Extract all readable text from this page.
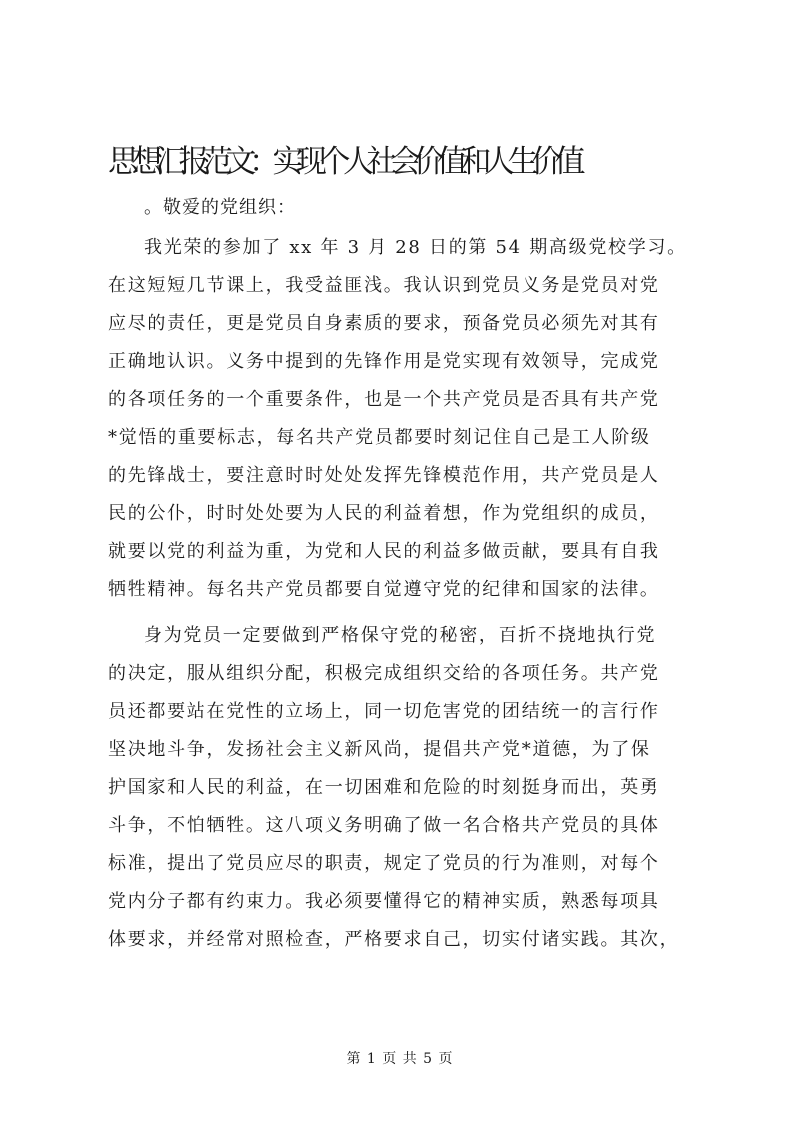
思想汇报范文：实现个人社会价值和人生价值
。敬爱的党组织：
我光荣的参加了 xx 年 3 月 28 日的第 54 期高级党校学习。
在这短短几节课上，我受益匪浅。我认识到党员义务是党员对党
应尽的责任，更是党员自身素质的要求，预备党员必须先对其有
正确地认识。义务中提到的先锋作用是党实现有效领导，完成党
的各项任务的一个重要条件，也是一个共产党员是否具有共产党
*觉悟的重要标志，每名共产党员都要时刻记住自己是工人阶级
的先锋战士，要注意时时处处发挥先锋模范作用，共产党员是人
民的公仆，时时处处要为人民的利益着想，作为党组织的成员，
就要以党的利益为重，为党和人民的利益多做贡献，要具有自我
牺牲精神。每名共产党员都要自觉遵守党的纪律和国家的法律。
身为党员一定要做到严格保守党的秘密，百折不挠地执行党
的决定，服从组织分配，积极完成组织交给的各项任务。共产党
员还都要站在党性的立场上，同一切危害党的团结统一的言行作
坚决地斗争，发扬社会主义新风尚，提倡共产党*道德，为了保
护国家和人民的利益，在一切困难和危险的时刻挺身而出，英勇
斗争，不怕牺牲。这八项义务明确了做一名合格共产党员的具体
标准，提出了党员应尽的职责，规定了党员的行为准则，对每个
党内分子都有约束力。我必须要懂得它的精神实质，熟悉每项具
体要求，并经常对照检查，严格要求自己，切实付诸实践。其次，
第 1 页 共 5 页
